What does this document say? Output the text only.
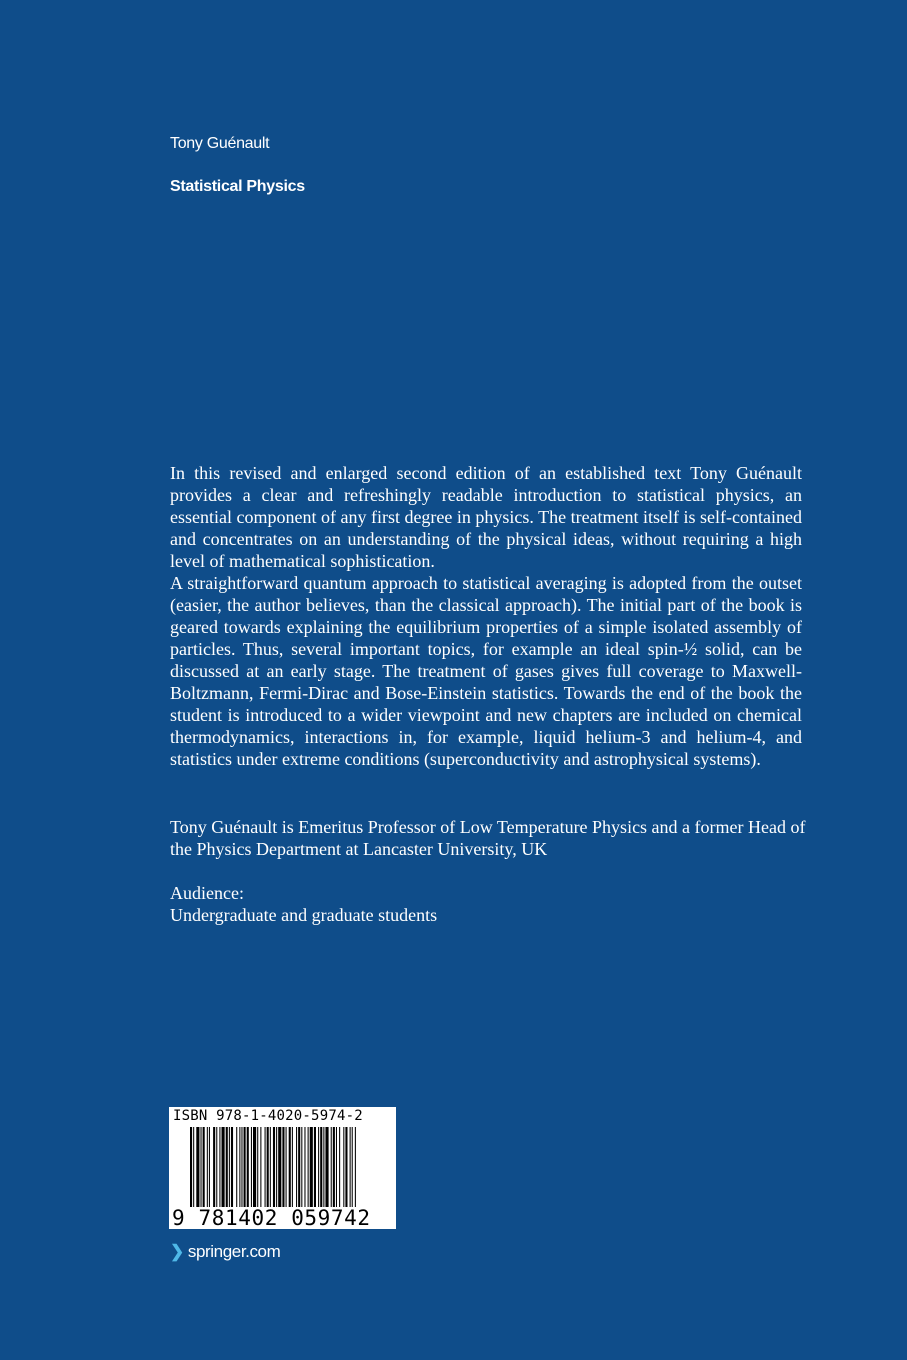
Tony Guénault
Statistical Physics

In this revised and enlarged second edition of an established text Tony Guénault provides a clear and refreshingly readable introduction to statistical physics, an essential component of any first degree in physics. The treatment itself is self-contained and concentrates on an understanding of the physical ideas, without requiring a high level of mathematical sophistication.

A straightforward quantum approach to statistical averaging is adopted from the outset (easier, the author believes, than the classical approach). The initial part of the book is geared towards explaining the equilibrium properties of a simple isolated assembly of particles. Thus, several important topics, for example an ideal spin-½ solid, can be discussed at an early stage. The treatment of gases gives full coverage to Maxwell-Boltzmann, Fermi-Dirac and Bose-Einstein statistics. Towards the end of the book the student is introduced to a wider viewpoint and new chapters are included on chemical thermodynamics, interactions in, for example, liquid helium-3 and helium-4, and statistics under extreme conditions (superconductivity and astrophysical systems).

Tony Guénault is Emeritus Professor of Low Temperature Physics and a former Head of the Physics Department at Lancaster University, UK
Audience:
Undergraduate and graduate students
ISBN 978-1-4020-5974-2
9 781402 059742
❯ springer.com
